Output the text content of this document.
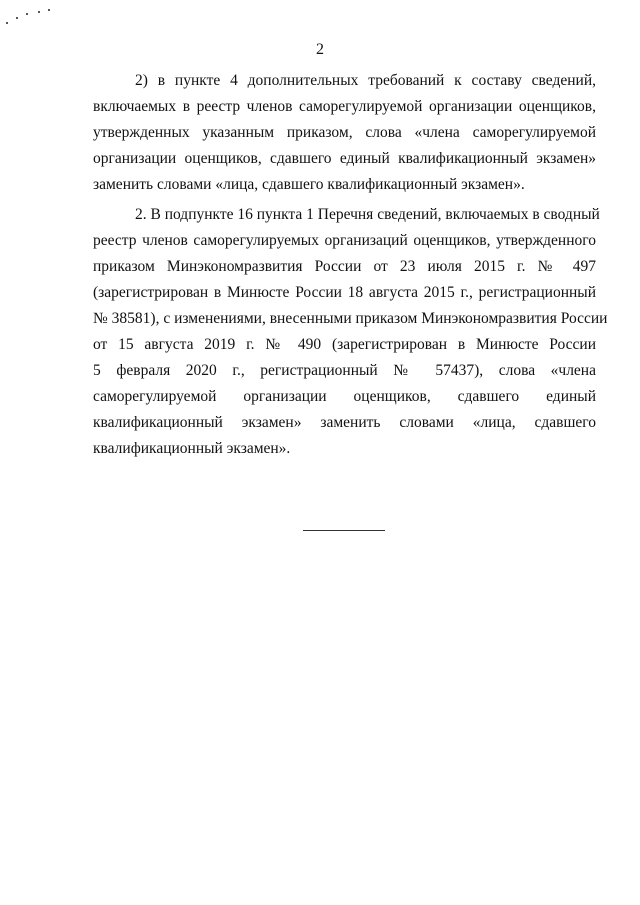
2
2) в пункте 4 дополнительных требований к составу сведений,
включаемых в реестр членов саморегулируемой организации оценщиков,
утвержденных указанным приказом, слова «члена саморегулируемой
организации оценщиков, сдавшего единый квалификационный экзамен»
заменить словами «лица, сдавшего квалификационный экзамен».
2. В подпункте 16 пункта 1 Перечня сведений, включаемых в сводный
реестр членов саморегулируемых организаций оценщиков, утвержденного
приказом Минэкономразвития России от 23 июля 2015 г. № 497
(зарегистрирован в Минюсте России 18 августа 2015 г., регистрационный
№ 38581), с изменениями, внесенными приказом Минэкономразвития России
от 15 августа 2019 г. № 490 (зарегистрирован в Минюсте России
5 февраля 2020 г., регистрационный № 57437), слова «члена
саморегулируемой организации оценщиков, сдавшего единый
квалификационный экзамен» заменить словами «лица, сдавшего
квалификационный экзамен».
